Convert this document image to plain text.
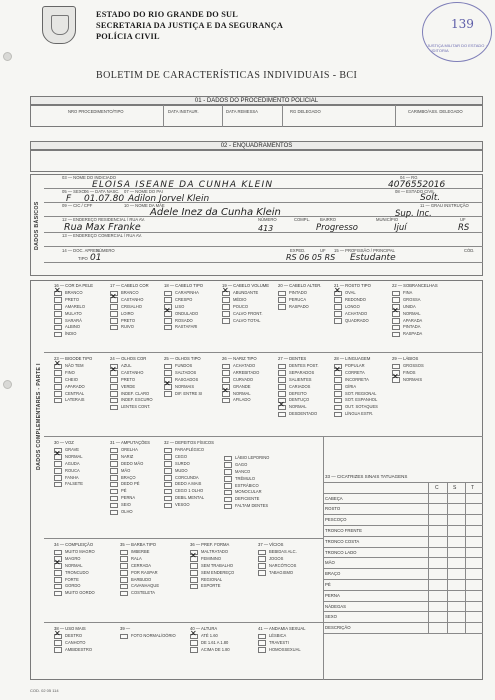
ESTADO DO RIO GRANDE DO SUL
SECRETARIA DA JUSTIÇA E DA SEGURANÇA
POLÍCIA CIVIL
139
JUSTIÇA MILITAR DO ESTADO · AUDITORIA
BOLETIM DE CARACTERÍSTICAS INDIVIDUAIS - BCI
01 - DADOS DO PROCEDIMENTO POLICIAL
NRO PROCEDIMENTO/TIPO	DATA INSTAUR.	DATA REMESSA	RG DELEGADO	CARIMBO/ASS. DELEGADO
02 - ENQUADRAMENTOS
DADOS BÁSICOS
03 — NOME DO INDICIADO	04 — RG
ELOISA ISEANE DA CUNHA KLEIN	4076552016
05 — SEXO 06 — DATA NASC. 07 — NOME DO PAI	08 — ESTADO CIVIL
F 01.07.80 Adilon Jorvel Klein	Solt.
09 — CIC / CPF	10 — NOME DA MÃE	11 — GRAU INSTRUÇÃO
Adele Inez da Cunha Klein	Sup. Inc.
12 — ENDEREÇO RESIDENCIAL / RUA AV.	NÚMERO	COMPL. BAIRRO	MUNICÍPIO	UF
Rua Max Franke	413	Progresso	Ijuí	RS
13 — ENDEREÇO COMERCIAL / RUA AV.
14 — DOC. APRES.
TIPO
NÚMERO	EXPED.	UF 15 — PROFISSÃO / PRINCIPAL	CÓD.
01	RS 06 05 RS Estudante
DADOS COMPLEMENTARES - PARTE I
16 — COR DA PELE
✕
BRANCO
PRETO
AMARELO
MULATO
SARARÁ
ALBINO
ÍNDIO
17 — CABELO COR
BRANCO
✕
CASTANHO
CRISALHO
LOIRO
PRETO
RUIVO
18 — CABELO TIPO
CARAPINHA
CRESPO
LISO
✕
ONDULADO
ROSADO
RASTAFARI
19 — CABELO VOLUME
✕
ABUNDANTE
MÉDIO
POUCO
CALVO FRONT.
CALVO TOTAL
20 — CABELO ALTER.
PINTADO
PERUCA
RASPADO
21 — ROSTO TIPO
✕
OVAL
REDONDO
LONGO
ACHATADO
QUADRADO
22 — SOBRANCELHAS
FINA
GROSSA
UNIDA
✕
NORMAL
APARADA
PINTADA
RASPADA
23 — BIGODE TIPO
✕
NÃO TEM
FINO
CHEIO
APARADO
CENTRAL
LATERAIS
24 — OLHOS COR
AZUL
✕
CASTANHO
PRETO
VERDE
INDEF. CLARO
INDEF. ESCURO
LENTES CONT.
25 — OLHOS TIPO
FUNDOS
SALTADOS
RASGADOS
✕
NORMAIS
DIF. ENTRE SI
26 — NARIZ TIPO
ACHATADO
ARREBITADO
CURVADO
GRANDE
✕
NORMAL
AFILADO
27 — DENTES
DENTES POST.
SEPARADOS
SALIENTES
CARIADOS
DEFEITO
DENTUÇO
✕
NORMAL
DESDENTADO
28 — LINGUAGEM
POPULAR
✕
CORRETA
INCORRETA
GÍRIA
SOT. REGIONAL
SOT. ESPANHOL
OUT. SOTAQUES
LÍNGUA ESTR.
29 — LÁBIOS
GROSSOS
FINOS
✕
NORMAIS
30 — VOZ
GRAVE
✕
NORMAL
AGUDA
ROUCA
FANHA
FALSETE
31 — AMPUTAÇÕES
ORELHA
NARIZ
DEDO MÃO
MÃO
BRAÇO
DEDO PÉ
PÉ
PERNA
SEIO
OLHO
32 — DEFEITOS FÍSICOS
PARAPLÉGICO
CEGO
SURDO
MUDO
CORCUNDA
DEDO A MAIS
CEGO 1 OLHO
DEBIL MENTAL
VESGO
LÁBIO LEPORINO
GAGO
MANCO
TRÊMULO
ESTRÁBICO
MONOCULAR
DEFICIENTE
FALTAM DENTES
34 — COMPLEIÇÃO
MUITO MAGRO
MAGRO
✕
NORMAL
TRONCUDO
FORTE
GORDO
MUITO GORDO
35 — BARBA TIPO
IMBERBE
RALA
CERRADA
POR RASPAR
BARBUDO
CAVANHAQUE
COSTELETA
36 — PREF. FORMA
MALTRATADO
✕
FEMININO
SEM TRABALHO
SEM ENDEREÇO
REGIONAL
ESPORTE
37 — VÍCIOS
BEBIDAS ALC.
JOGOS
NARCÓTICOS
TABAGISMO
38 — USO MAIS
✕
DESTRO
CANHOTO
AMBIDESTRO
39 —
FOTO NORMAL/OÓRIO
40 — ALTURA
✕
ATÉ 1.60
DE 1.61 A 1.80
ACIMA DE 1.80
41 — ANDAMIA SEXUAL
LÉSBICA
TRAVESTI
HOMOSSEXUAL
33 — CICATRIZES SINAIS TATUAGENS
C	S	T
CABEÇA
ROSTO
PESCOÇO
TRONCO FRENTE
TRONCO COSTA
TRONCO LADO
MÃO
BRAÇO
PÉ
PERNA
NÁDEGAS
SEXO
DESCRIÇÃO
COD. 02 05 114
